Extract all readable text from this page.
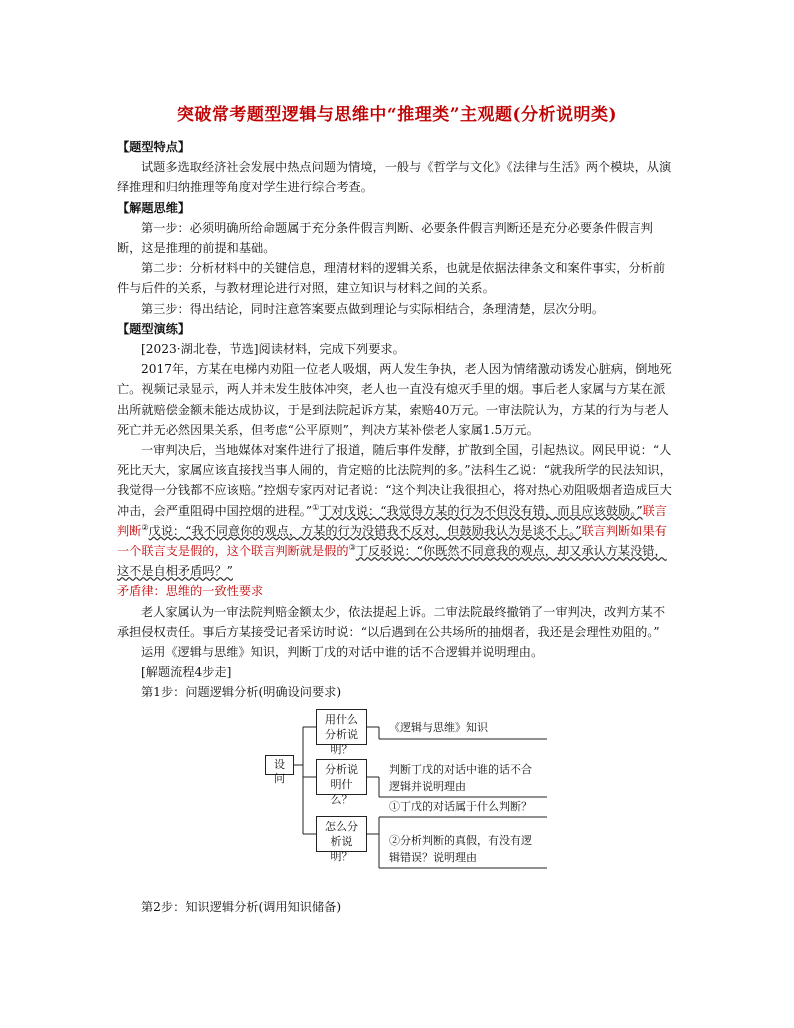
突破常考题型逻辑与思维中“推理类”主观题(分析说明类)

【题型特点】

试题多选取经济社会发展中热点问题为情境，一般与《哲学与文化》《法律与生活》两个模块，从演绎推理和归纳推理等角度对学生进行综合考查。

【解题思维】

第一步：必须明确所给命题属于充分条件假言判断、必要条件假言判断还是充分必要条件假言判断，这是推理的前提和基础。

第二步：分析材料中的关键信息，理清材料的逻辑关系，也就是依据法律条文和案件事实，分析前件与后件的关系，与教材理论进行对照，建立知识与材料之间的关系。

第三步：得出结论，同时注意答案要点做到理论与实际相结合，条理清楚，层次分明。

【题型演练】

[2023·湖北卷，节选]阅读材料，完成下列要求。

2017年，方某在电梯内劝阻一位老人吸烟，两人发生争执，老人因为情绪激动诱发心脏病，倒地死亡。视频记录显示，两人并未发生肢体冲突，老人也一直没有熄灭手里的烟。事后老人家属与方某在派出所就赔偿金额未能达成协议，于是到法院起诉方某，索赔40万元。一审法院认为，方某的行为与老人死亡并无必然因果关系，但考虑“公平原则”，判决方某补偿老人家属1.5万元。

一审判决后，当地媒体对案件进行了报道，随后事件发酵，扩散到全国，引起热议。网民甲说：“人死比天大，家属应该直接找当事人闹的，肯定赔的比法院判的多。”法科生乙说：“就我所学的民法知识，我觉得一分钱都不应该赔。”控烟专家丙对记者说：“这个判决让我很担心，将对热心劝阻吸烟者造成巨大冲击，会严重阻碍中国控烟的进程。”①丁对戊说：“我觉得方某的行为不但没有错，而且应该鼓励。”联言判断②戊说：“我不同意你的观点，方某的行为没错我不反对，但鼓励我认为是谈不上。”联言判断如果有一个联言支是假的，这个联言判断就是假的③丁反驳说：“你既然不同意我的观点，却又承认方某没错，这不是自相矛盾吗？”
矛盾律：思维的一致性要求

老人家属认为一审法院判赔金额太少，依法提起上诉。二审法院最终撤销了一审判决，改判方某不承担侵权责任。事后方某接受记者采访时说：“以后遇到在公共场所的抽烟者，我还是会理性劝阻的。”

运用《逻辑与思维》知识，判断丁戊的对话中谁的话不合逻辑并说明理由。

[解题流程4步走]

第1步：问题逻辑分析(明确设问要求)

设问
用什么分析说明？
分析说明什么？
怎么分析说明？
《逻辑与思维》知识
判断丁戊的对话中谁的话不合
逻辑并说明理由
①丁戊的对话属于什么判断？
②分析判断的真假，有没有逻
辑错误？说明理由

第2步：知识逻辑分析(调用知识储备)
